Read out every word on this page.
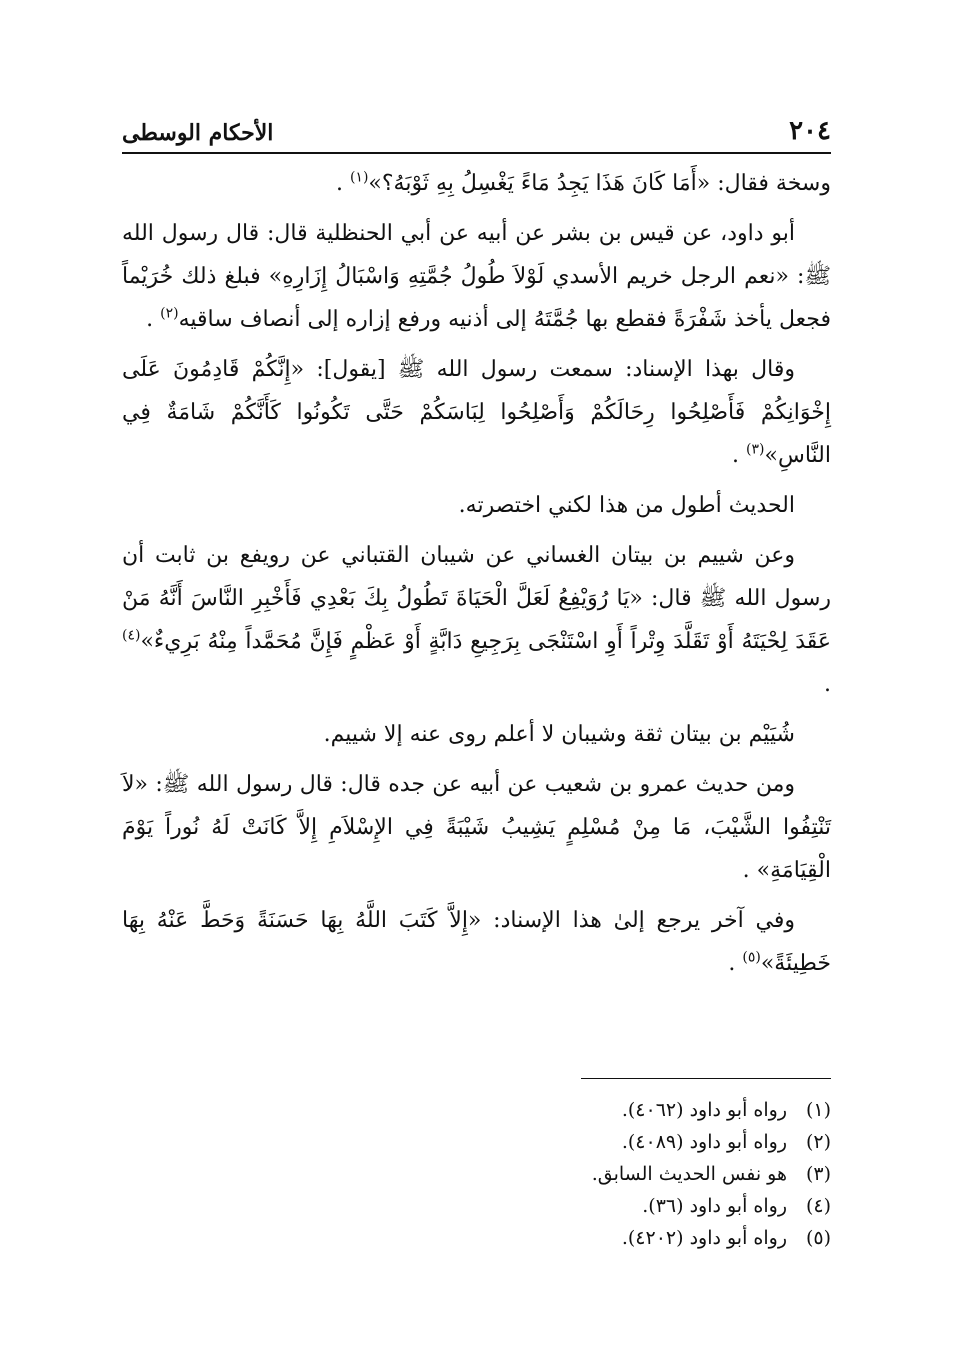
٢٠٤
الأحكام الوسطى

وسخة فقال: «أَمَا كَانَ هَذَا يَجِدُ مَاءً يَغْسِلُ بِهِ ثَوْبَهُ؟»$^{(١)}$ .

أبو داود، عن قيس بن بشر عن أبيه عن أبي الحنظلية قال: قال رسول الله ﷺ: «نعم الرجل خريم الأسدي لَوْلاَ طُولُ جُمَّتِهِ وَاسْبَالُ إِزَارِهِ» فبلغ ذلك خُرَيْماً فجعل يأخذ شَفْرَةً فقطع بها جُمَّتَهُ إلى أذنيه ورفع إزاره إلى أنصاف ساقيه$^{(٢)}$ .

وقال بهذا الإسناد: سمعت رسول الله ﷺ [يقول]: «إِنَّكُمْ قَادِمُونَ عَلَى إِخْوَانِكُمْ فَأَصْلِحُوا رِحَالَكُمْ وَأَصْلِحُوا لِبَاسَكُمْ حَتَّى تَكُونُوا كَأَنَّكُمْ شَامَةٌ فِي النَّاسِ»$^{(٣)}$ .

الحديث أطول من هذا لكني اختصرته.

وعن شييم بن بيتان الغساني عن شيبان القتباني عن رويفع بن ثابت أن رسول الله ﷺ قال: «يَا رُوَيْفِعُ لَعَلَّ الْحَيَاةَ تَطُولُ بِكَ بَعْدِي فَأَخْبِرِ النَّاسَ أَنَّهُ مَنْ عَقَدَ لِحْيَتَهُ أَوْ تَقَلَّدَ وِتْراً أَوِ اسْتَنْجَى بِرَجِيعِ دَابَّةٍ أَوْ عَظْمٍ فَإِنَّ مُحَمَّداً مِنْهُ بَرِيءٌ»$^{(٤)}$ .

شُيَيْم بن بيتان ثقة وشيبان لا أعلم روى عنه إلا شييم.

ومن حديث عمرو بن شعيب عن أبيه عن جده قال: قال رسول الله ﷺ: «لاَ تَنْتِفُوا الشَّيْبَ، مَا مِنْ مُسْلِمٍ يَشِيبُ شَيْبَةً فِي الإِسْلاَمِ إِلاَّ كَانَتْ لَهُ نُوراً يَوْمَ الْقِيَامَةِ» .

وفي آخر يرجع إلىٰ هذا الإسناد: «إِلاَّ كَتَبَ اللَّهُ بِهَا حَسَنَةً وَحَطَّ عَنْهُ بِهَا خَطِيئَةً»$^{(٥)}$ .

(١)
رواه أبو داود (٤٠٦٢).
(٢)
رواه أبو داود (٤٠٨٩).
(٣)
هو نفس الحديث السابق.
(٤)
رواه أبو داود (٣٦).
(٥)
رواه أبو داود (٤٢٠٢).
